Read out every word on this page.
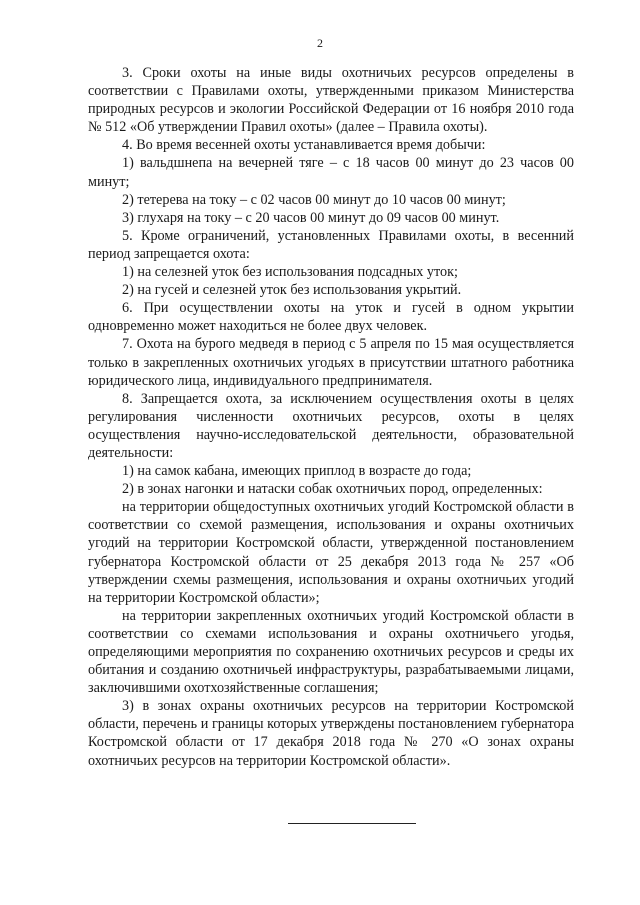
2

3. Сроки охоты на иные виды охотничьих ресурсов определены в соответствии с Правилами охоты, утвержденными приказом Министерства природных ресурсов и экологии Российской Федерации от 16 ноября 2010 года № 512 «Об утверждении Правил охоты» (далее – Правила охоты).

4. Во время весенней охоты устанавливается время добычи:

1) вальдшнепа на вечерней тяге – с 18 часов 00 минут до 23 часов 00 минут;

2) тетерева на току – с 02 часов 00 минут до 10 часов 00 минут;

3) глухаря на току – с 20 часов 00 минут до 09 часов 00 минут.

5. Кроме ограничений, установленных Правилами охоты, в весенний период запрещается охота:

1) на селезней уток без использования подсадных уток;

2) на гусей и селезней уток без использования укрытий.

6. При осуществлении охоты на уток и гусей в одном укрытии одновременно может находиться не более двух человек.

7. Охота на бурого медведя в период с 5 апреля по 15 мая осуществляется только в закрепленных охотничьих угодьях в присутствии штатного работника юридического лица, индивидуального предпринимателя.

8. Запрещается охота, за исключением осуществления охоты в целях регулирования численности охотничьих ресурсов, охоты в целях осуществления научно-исследовательской деятельности, образовательной деятельности:

1) на самок кабана, имеющих приплод в возрасте до года;

2) в зонах нагонки и натаски собак охотничьих пород, определенных:

на территории общедоступных охотничьих угодий Костромской области в соответствии со схемой размещения, использования и охраны охотничьих угодий на территории Костромской области, утвержденной постановлением губернатора Костромской области от 25 декабря 2013 года № 257 «Об утверждении схемы размещения, использования и охраны охотничьих угодий на территории Костромской области»;

на территории закрепленных охотничьих угодий Костромской области в соответствии со схемами использования и охраны охотничьего угодья, определяющими мероприятия по сохранению охотничьих ресурсов и среды их обитания и созданию охотничьей инфраструктуры, разрабатываемыми лицами, заключившими охотхозяйственные соглашения;

3) в зонах охраны охотничьих ресурсов на территории Костромской области, перечень и границы которых утверждены постановлением губернатора Костромской области от 17 декабря 2018 года № 270 «О зонах охраны охотничьих ресурсов на территории Костромской области».
